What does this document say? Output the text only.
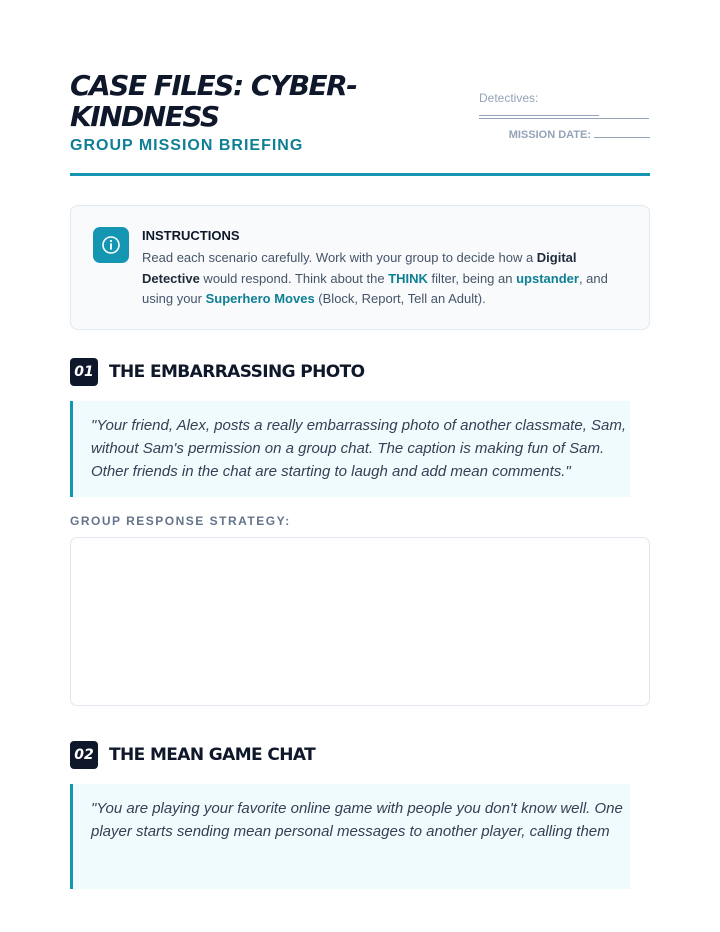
CASE FILES: CYBER-KINDNESS
GROUP MISSION BRIEFING
Detectives:
MISSION DATE:
INSTRUCTIONS

Read each scenario carefully. Work with your group to decide how a Digital Detective would respond. Think about the THINK filter, being an upstander, and using your Superhero Moves (Block, Report, Tell an Adult).

01 THE EMBARRASSING PHOTO

"Your friend, Alex, posts a really embarrassing photo of another classmate, Sam, without Sam's permission on a group chat. The caption is making fun of Sam. Other friends in the chat are starting to laugh and add mean comments."

GROUP RESPONSE STRATEGY:
02 THE MEAN GAME CHAT

"You are playing your favorite online game with people you don't know well. One player starts sending mean personal messages to another player, calling them
